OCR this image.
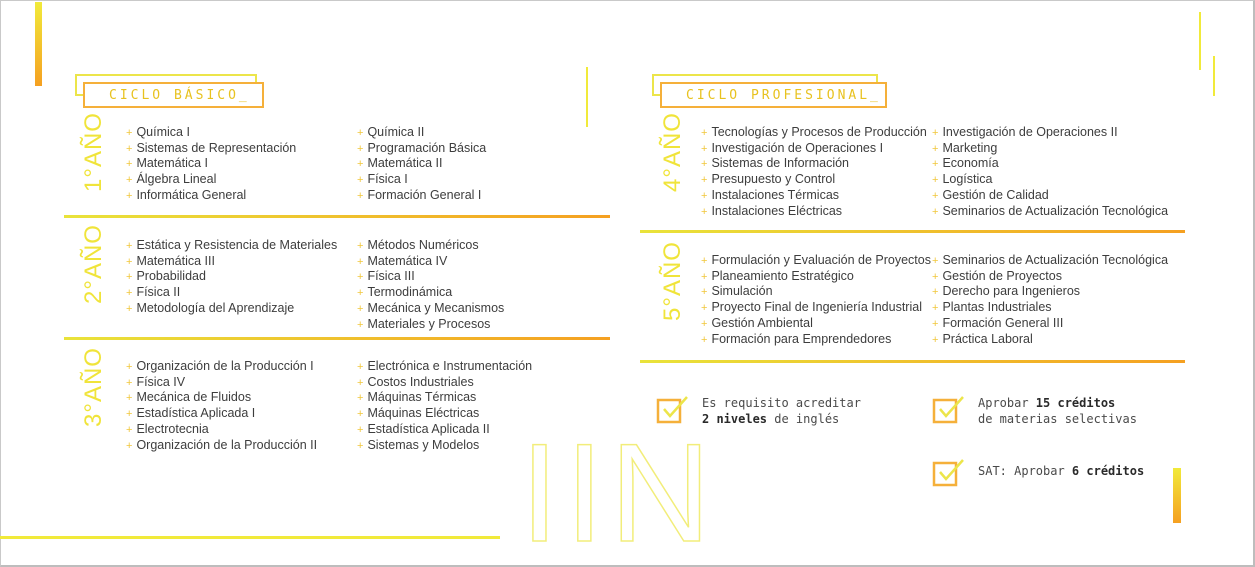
IIN
CICLO BÁSICO_	CICLO PROFESIONAL_
1°AÑO + Química I
+ Sistemas de Representación
+ Matemática I
+ Álgebra Lineal
+ Informática General
+ Química II
+ Programación Básica
+ Matemática II
+ Física I
+ Formación General I
2°AÑO + Estática y Resistencia de Materiales
+ Matemática III
+ Probabilidad
+ Física II
+ Metodología del Aprendizaje
+ Métodos Numéricos
+ Matemática IV
+ Física III
+ Termodinámica
+ Mecánica y Mecanismos
+ Materiales y Procesos
3°AÑO + Organización de la Producción I
+ Física IV
+ Mecánica de Fluidos
+ Estadística Aplicada I
+ Electrotecnia
+ Organización de la Producción II
+ Electrónica e Instrumentación
+ Costos Industriales
+ Máquinas Térmicas
+ Máquinas Eléctricas
+ Estadística Aplicada II
+ Sistemas y Modelos
4°AÑO + Tecnologías y Procesos de Producción
+ Investigación de Operaciones I
+ Sistemas de Información
+ Presupuesto y Control
+ Instalaciones Térmicas
+ Instalaciones Eléctricas
+ Investigación de Operaciones II
+ Marketing
+ Economía
+ Logística
+ Gestión de Calidad
+ Seminarios de Actualización Tecnológica
5°AÑO + Formulación y Evaluación de Proyectos
+ Planeamiento Estratégico
+ Simulación
+ Proyecto Final de Ingeniería Industrial
+ Gestión Ambiental
+ Formación para Emprendedores
+ Seminarios de Actualización Tecnológica
+ Gestión de Proyectos
+ Derecho para Ingenieros
+ Plantas Industriales
+ Formación General III
+ Práctica Laboral
Es requisito acreditar
2 niveles de inglés
Aprobar 15 créditos
de materias selectivas
SAT: Aprobar 6 créditos
